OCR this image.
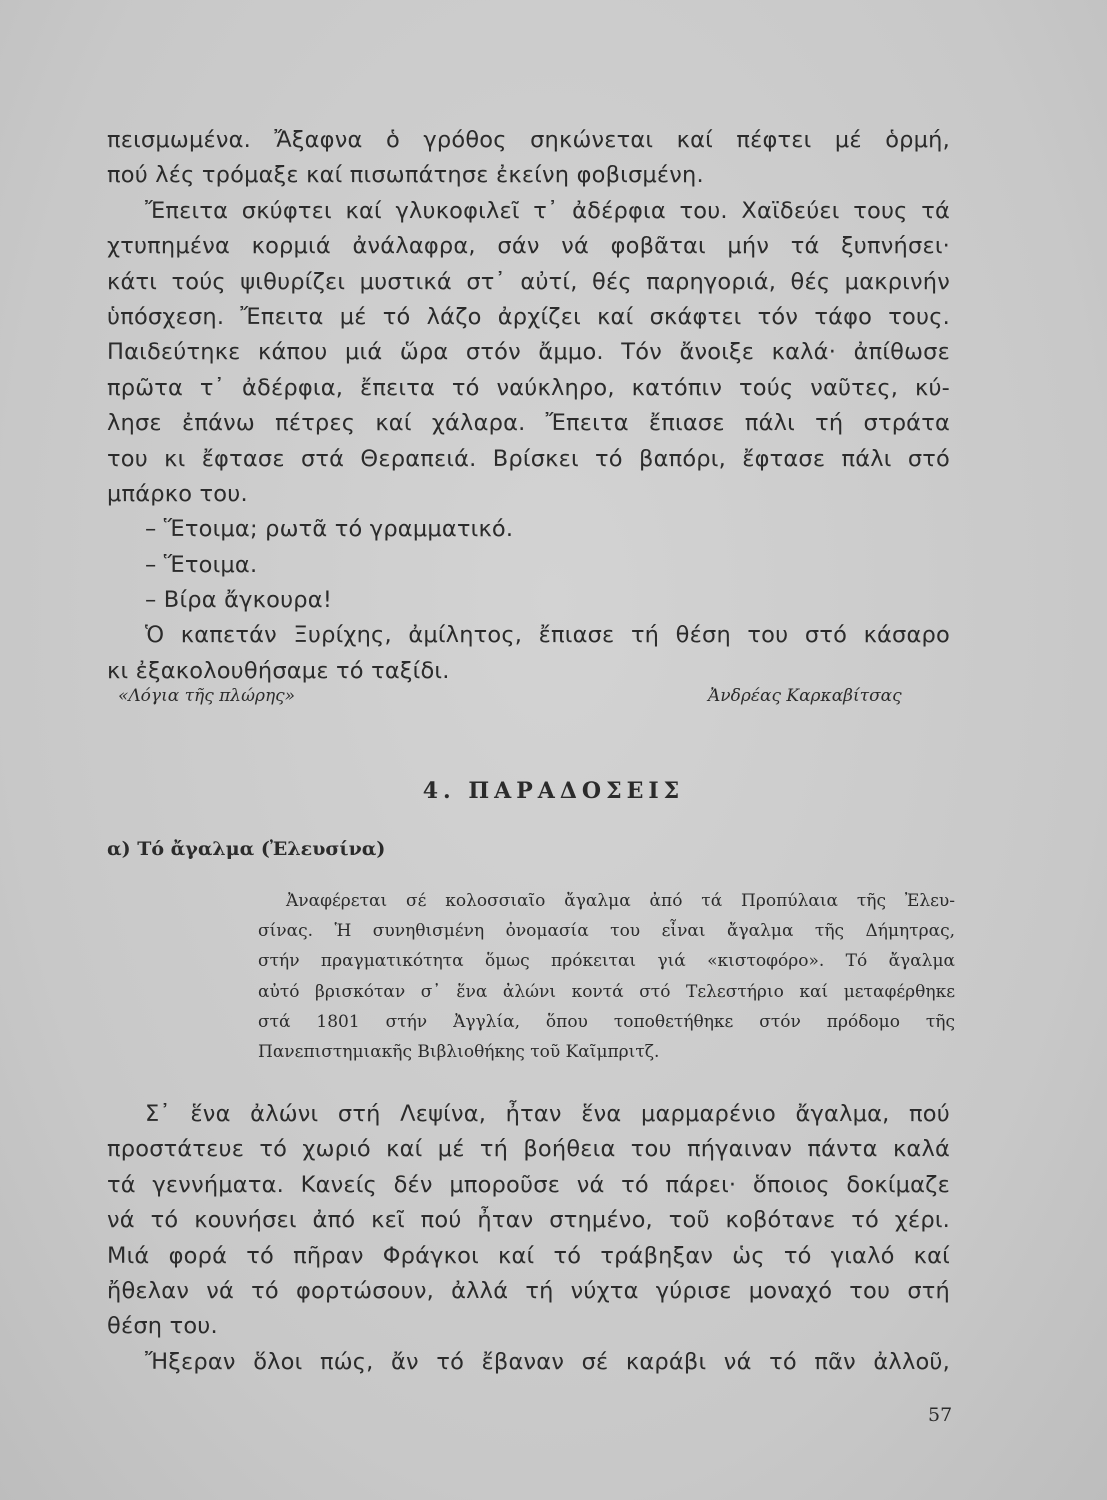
πεισμωμένα. Ἄξαφνα ὁ γρόθος σηκώνεται καί πέφτει μέ ὁρμή,
πού λές τρόμαξε καί πισωπάτησε ἐκείνη φοβισμένη.
Ἔπειτα σκύφτει καί γλυκοφιλεῖ τ᾽ ἀδέρφια του. Χαϊδεύει τους τά
χτυπημένα κορμιά ἀνάλαφρα, σάν νά φοβᾶται μήν τά ξυπνήσει·
κάτι τούς ψιθυρίζει μυστικά στ᾽ αὐτί, θές παρηγοριά, θές μακρινήν
ὑπόσχεση. Ἔπειτα μέ τό λάζο ἀρχίζει καί σκάφτει τόν τάφο τους.
Παιδεύτηκε κάπου μιά ὥρα στόν ἄμμο. Τόν ἄνοιξε καλά· ἀπίθωσε
πρῶτα τ᾽ ἀδέρφια, ἔπειτα τό ναύκληρο, κατόπιν τούς ναῦτες, κύ-
λησε ἐπάνω πέτρες καί χάλαρα. Ἔπειτα ἔπιασε πάλι τή στράτα
του κι ἔφτασε στά Θεραπειά. Βρίσκει τό βαπόρι, ἔφτασε πάλι στό
μπάρκο του.
– Ἕτοιμα; ρωτᾶ τό γραμματικό.
– Ἕτοιμα.
– Βίρα ἄγκουρα!
Ὁ καπετάν Ξυρίχης, ἀμίλητος, ἔπιασε τή θέση του στό κάσαρο
κι ἐξακολουθήσαμε τό ταξίδι.
«Λόγια τῆς πλώρης»	Ἀνδρέας Καρκαβίτσας
4. ΠΑΡΑΔΟΣΕΙΣ
α) Τό ἄγαλμα (Ἐλευσίνα)
Ἀναφέρεται σέ κολοσσιαῖο ἄγαλμα ἀπό τά Προπύλαια τῆς Ἐλευ-
σίνας. Ἡ συνηθισμένη ὀνομασία του εἶναι ἄγαλμα τῆς Δήμητρας,
στήν πραγματικότητα ὅμως πρόκειται γιά «κιστοφόρο». Τό ἄγαλμα
αὐτό βρισκόταν σ᾽ ἕνα ἀλώνι κοντά στό Τελεστήριο καί μεταφέρθηκε
στά 1801 στήν Ἀγγλία, ὅπου τοποθετήθηκε στόν πρόδομο τῆς
Πανεπιστημιακῆς Βιβλιοθήκης τοῦ Καῖμπριτζ.
Σ᾽ ἕνα ἀλώνι στή Λεψίνα, ἦταν ἕνα μαρμαρένιο ἄγαλμα, πού
προστάτευε τό χωριό καί μέ τή βοήθεια του πήγαιναν πάντα καλά
τά γεννήματα. Κανείς δέν μποροῦσε νά τό πάρει· ὅποιος δοκίμαζε
νά τό κουνήσει ἀπό κεῖ πού ἦταν στημένο, τοῦ κοβότανε τό χέρι.
Μιά φορά τό πῆραν Φράγκοι καί τό τράβηξαν ὡς τό γιαλό καί
ἤθελαν νά τό φορτώσουν, ἀλλά τή νύχτα γύρισε μοναχό του στή
θέση του.
Ἤξεραν ὅλοι πώς, ἄν τό ἔβαναν σέ καράβι νά τό πᾶν ἀλλοῦ,
57
